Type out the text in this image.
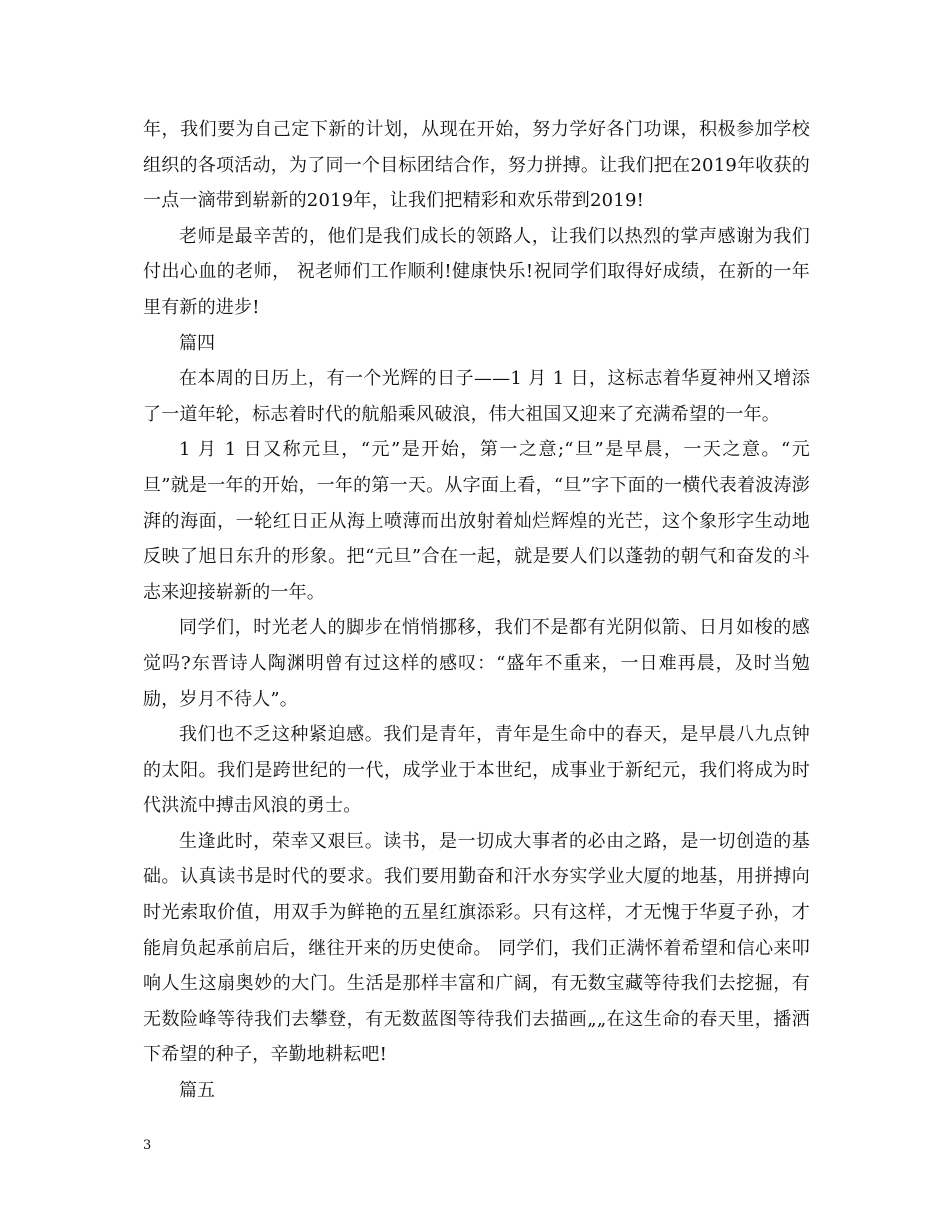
年，我们要为自己定下新的计划，从现在开始，努力学好各门功课，积极参加学校组织的各项活动，为了同一个目标团结合作，努力拼搏。让我们把在2019年收获的一点一滴带到崭新的2019年，让我们把精彩和欢乐带到2019!

老师是最辛苦的，他们是我们成长的领路人，让我们以热烈的掌声感谢为我们付出心血的老师， 祝老师们工作顺利!健康快乐!祝同学们取得好成绩，在新的一年里有新的进步!

篇四

在本周的日历上，有一个光辉的日子——1 月 1 日，这标志着华夏神州又增添了一道年轮，标志着时代的航船乘风破浪，伟大祖国又迎来了充满希望的一年。

1 月 1 日又称元旦，“元”是开始，第一之意;“旦”是早晨，一天之意。“元旦”就是一年的开始，一年的第一天。从字面上看，“旦”字下面的一横代表着波涛澎湃的海面，一轮红日正从海上喷薄而出放射着灿烂辉煌的光芒，这个象形字生动地反映了旭日东升的形象。把“元旦”合在一起，就是要人们以蓬勃的朝气和奋发的斗志来迎接崭新的一年。

同学们，时光老人的脚步在悄悄挪移，我们不是都有光阴似箭、日月如梭的感觉吗?东晋诗人陶渊明曾有过这样的感叹：“盛年不重来，一日难再晨，及时当勉励，岁月不待人”。

我们也不乏这种紧迫感。我们是青年，青年是生命中的春天，是早晨八九点钟的太阳。我们是跨世纪的一代，成学业于本世纪，成事业于新纪元，我们将成为时代洪流中搏击风浪的勇士。

生逢此时，荣幸又艰巨。读书，是一切成大事者的必由之路，是一切创造的基础。认真读书是时代的要求。我们要用勤奋和汗水夯实学业大厦的地基，用拼搏向时光索取价值，用双手为鲜艳的五星红旗添彩。只有这样，才无愧于华夏子孙，才能肩负起承前启后，继往开来的历史使命。 同学们，我们正满怀着希望和信心来叩响人生这扇奥妙的大门。生活是那样丰富和广阔，有无数宝藏等待我们去挖掘，有无数险峰等待我们去攀登，有无数蓝图等待我们去描画„„在这生命的春天里，播洒下希望的种子，辛勤地耕耘吧!

篇五

3
